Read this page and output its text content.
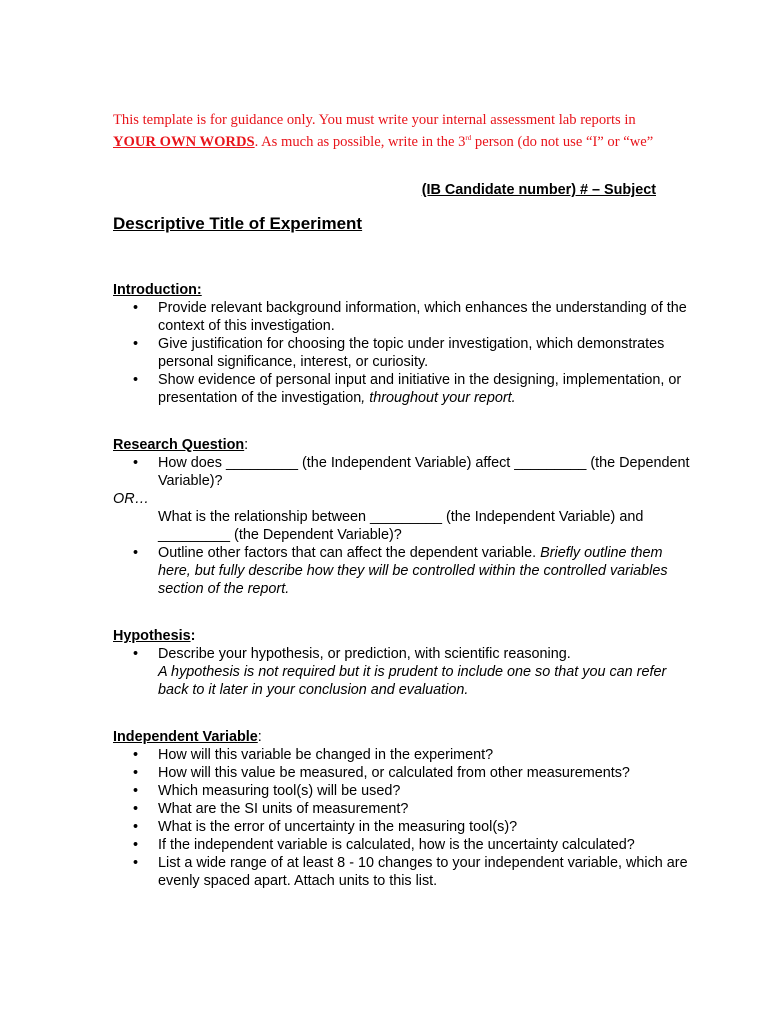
This template is for guidance only. You must write your internal assessment lab reports in YOUR OWN WORDS. As much as possible, write in the 3rd person (do not use “I” or “we”
(IB Candidate number) # – Subject
Descriptive Title of Experiment
Introduction:
• Provide relevant background information, which enhances the understanding of the context of this investigation.
• Give justification for choosing the topic under investigation, which demonstrates personal significance, interest, or curiosity.
• Show evidence of personal input and initiative in the designing, implementation, or presentation of the investigation, throughout your report.
Research Question:
• How does _________ (the Independent Variable) affect _________ (the Dependent Variable)?
OR…
What is the relationship between _________ (the Independent Variable) and _________ (the Dependent Variable)?
• Outline other factors that can affect the dependent variable. Briefly outline them here, but fully describe how they will be controlled within the controlled variables section of the report.
Hypothesis:
• Describe your hypothesis, or prediction, with scientific reasoning.
A hypothesis is not required but it is prudent to include one so that you can refer back to it later in your conclusion and evaluation.
Independent Variable:
• How will this variable be changed in the experiment?
• How will this value be measured, or calculated from other measurements?
• Which measuring tool(s) will be used?
• What are the SI units of measurement?
• What is the error of uncertainty in the measuring tool(s)?
• If the independent variable is calculated, how is the uncertainty calculated?
• List a wide range of at least 8 - 10 changes to your independent variable, which are evenly spaced apart. Attach units to this list.
